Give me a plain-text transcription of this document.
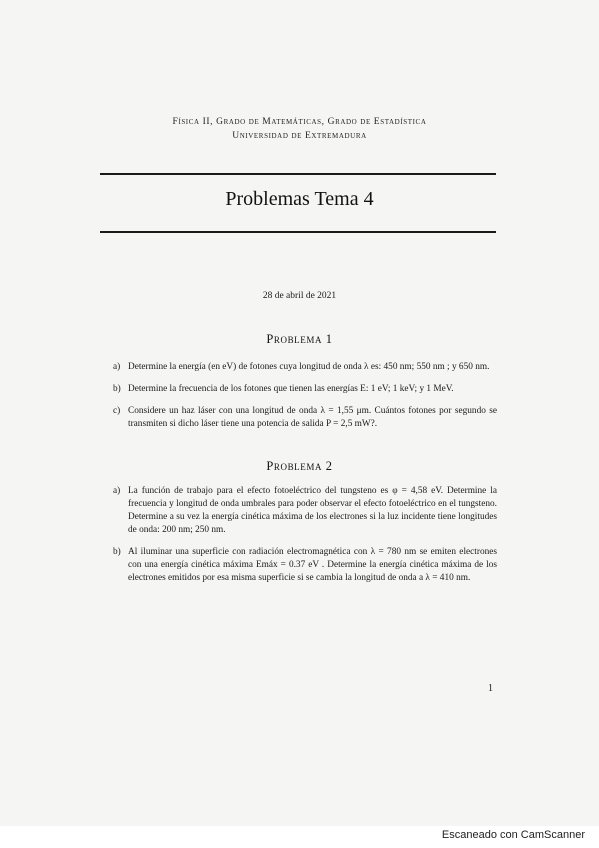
Física II, Grado de Matemáticas, Grado de Estadística
Universidad de Extremadura
Problemas Tema 4
28 de abril de 2021
Problema 1
a) Determine la energía (en eV) de fotones cuya longitud de onda λ es: 450 nm; 550 nm ; y 650 nm.
b) Determine la frecuencia de los fotones que tienen las energías E: 1 eV; 1 keV; y 1 MeV.
c) Considere un haz láser con una longitud de onda λ = 1,55 μm. Cuántos fotones por segundo se transmiten si dicho láser tiene una potencia de salida P = 2,5 mW?.
Problema 2
a) La función de trabajo para el efecto fotoeléctrico del tungsteno es φ = 4,58 eV. Determine la frecuencia y longitud de onda umbrales para poder observar el efecto fotoeléctrico en el tungsteno. Determine a su vez la energía cinética máxima de los electrones si la luz incidente tiene longitudes de onda: 200 nm; 250 nm.
b) Al iluminar una superficie con radiación electromagnética con λ = 780 nm se emiten electrones con una energía cinética máxima Emáx = 0.37 eV . Determine la energía cinética máxima de los electrones emitidos por esa misma superficie si se cambia la longitud de onda a λ = 410 nm.
1
Escaneado con CamScanner
